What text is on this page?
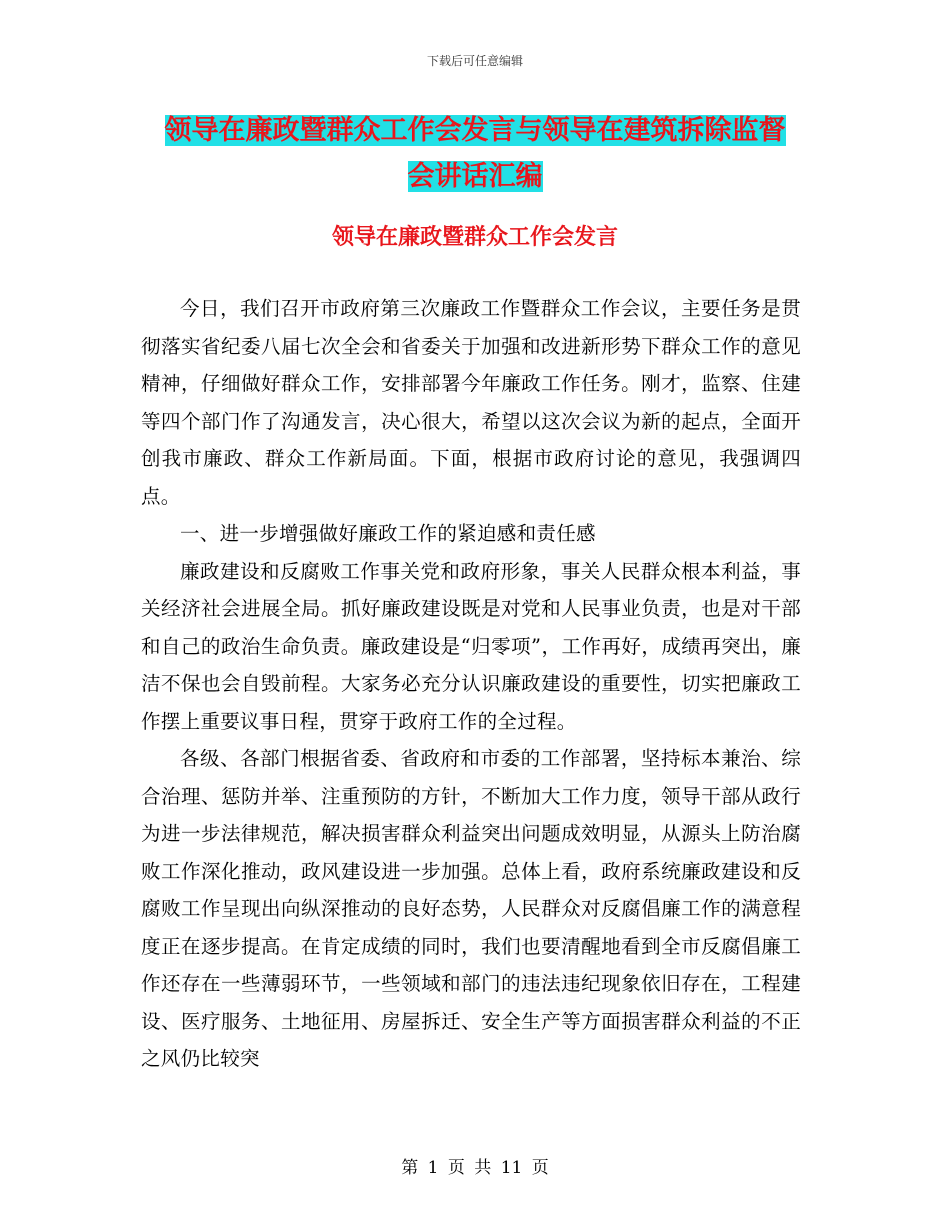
下载后可任意编辑
领导在廉政暨群众工作会发言与领导在建筑拆除监督
会讲话汇编
领导在廉政暨群众工作会发言

今日，我们召开市政府第三次廉政工作暨群众工作会议，主要任务是贯彻落实省纪委八届七次全会和省委关于加强和改进新形势下群众工作的意见精神，仔细做好群众工作，安排部署今年廉政工作任务。刚才，监察、住建等四个部门作了沟通发言，决心很大，希望以这次会议为新的起点，全面开创我市廉政、群众工作新局面。下面，根据市政府讨论的意见，我强调四点。

一、进一步增强做好廉政工作的紧迫感和责任感

廉政建设和反腐败工作事关党和政府形象，事关人民群众根本利益，事关经济社会进展全局。抓好廉政建设既是对党和人民事业负责，也是对干部和自己的政治生命负责。廉政建设是“归零项”，工作再好，成绩再突出，廉洁不保也会自毁前程。大家务必充分认识廉政建设的重要性，切实把廉政工作摆上重要议事日程，贯穿于政府工作的全过程。

各级、各部门根据省委、省政府和市委的工作部署，坚持标本兼治、综合治理、惩防并举、注重预防的方针，不断加大工作力度，领导干部从政行为进一步法律规范，解决损害群众利益突出问题成效明显，从源头上防治腐败工作深化推动，政风建设进一步加强。总体上看，政府系统廉政建设和反腐败工作呈现出向纵深推动的良好态势，人民群众对反腐倡廉工作的满意程度正在逐步提高。在肯定成绩的同时，我们也要清醒地看到全市反腐倡廉工作还存在一些薄弱环节，一些领域和部门的违法违纪现象依旧存在，工程建设、医疗服务、土地征用、房屋拆迁、安全生产等方面损害群众利益的不正之风仍比较突

第 1 页 共 11 页
